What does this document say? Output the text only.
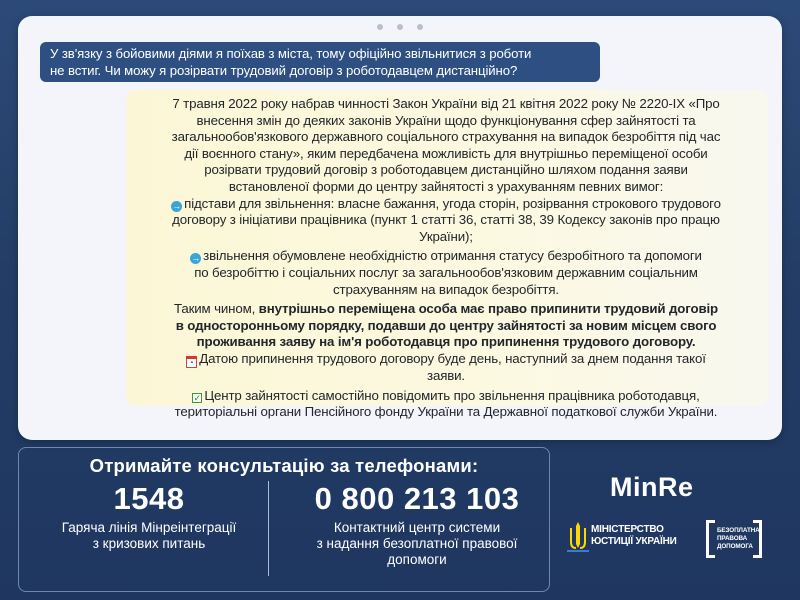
У зв'язку з бойовими діями я поїхав з міста, тому офіційно звільнитися з роботи
не встиг. Чи можу я розірвати трудовий договір з роботодавцем дистанційно?

7 травня 2022 року набрав чинності Закон України від 21 квітня 2022 року № 2220-IX «Про
внесення змін до деяких законів України щодо функціонування сфер зайнятості та
загальнообов'язкового державного соціального страхування на випадок безробіття під час
дії воєнного стану», яким передбачена можливість для внутрішньо переміщеної особи
розірвати трудовий договір з роботодавцем дистанційно шляхом подання заяви
встановленої форми до центру зайнятості з урахуванням певних вимог:

→ підстави для звільнення: власне бажання, угода сторін, розірвання строкового трудового
договору з ініціативи працівника (пункт 1 статті 36, статті 38, 39 Кодексу законів про працю
України);

→ звільнення обумовлене необхідністю отримання статусу безробітного та допомоги
по безробіттю і соціальних послуг за загальнообов'язковим державним соціальним
страхуванням на випадок безробіття.

Таким чином, внутрішньо переміщена особа має право припинити трудовий договір
в односторонньому порядку, подавши до центру зайнятості за новим місцем свого
проживання заяву на ім'я роботодавця про припинення трудового договору.

▪ Датою припинення трудового договору буде день, наступний за днем подання такої
заяви.

✓ Центр зайнятості самостійно повідомить про звільнення працівника роботодавця,
територіальні органи Пенсійного фонду України та Державної податкової служби України.

Отримайте консультацію за телефонами:
1548
Гаряча лінія Мінреінтеграції
з кризових питань
0 800 213 103
Контактний центр системи
з надання безоплатної правової
допомоги
MinRe
МІНІСТЕРСТВО
ЮСТИЦІЇ УКРАЇНИ
БЕЗОПЛАТНА
ПРАВОВА
ДОПОМОГА
